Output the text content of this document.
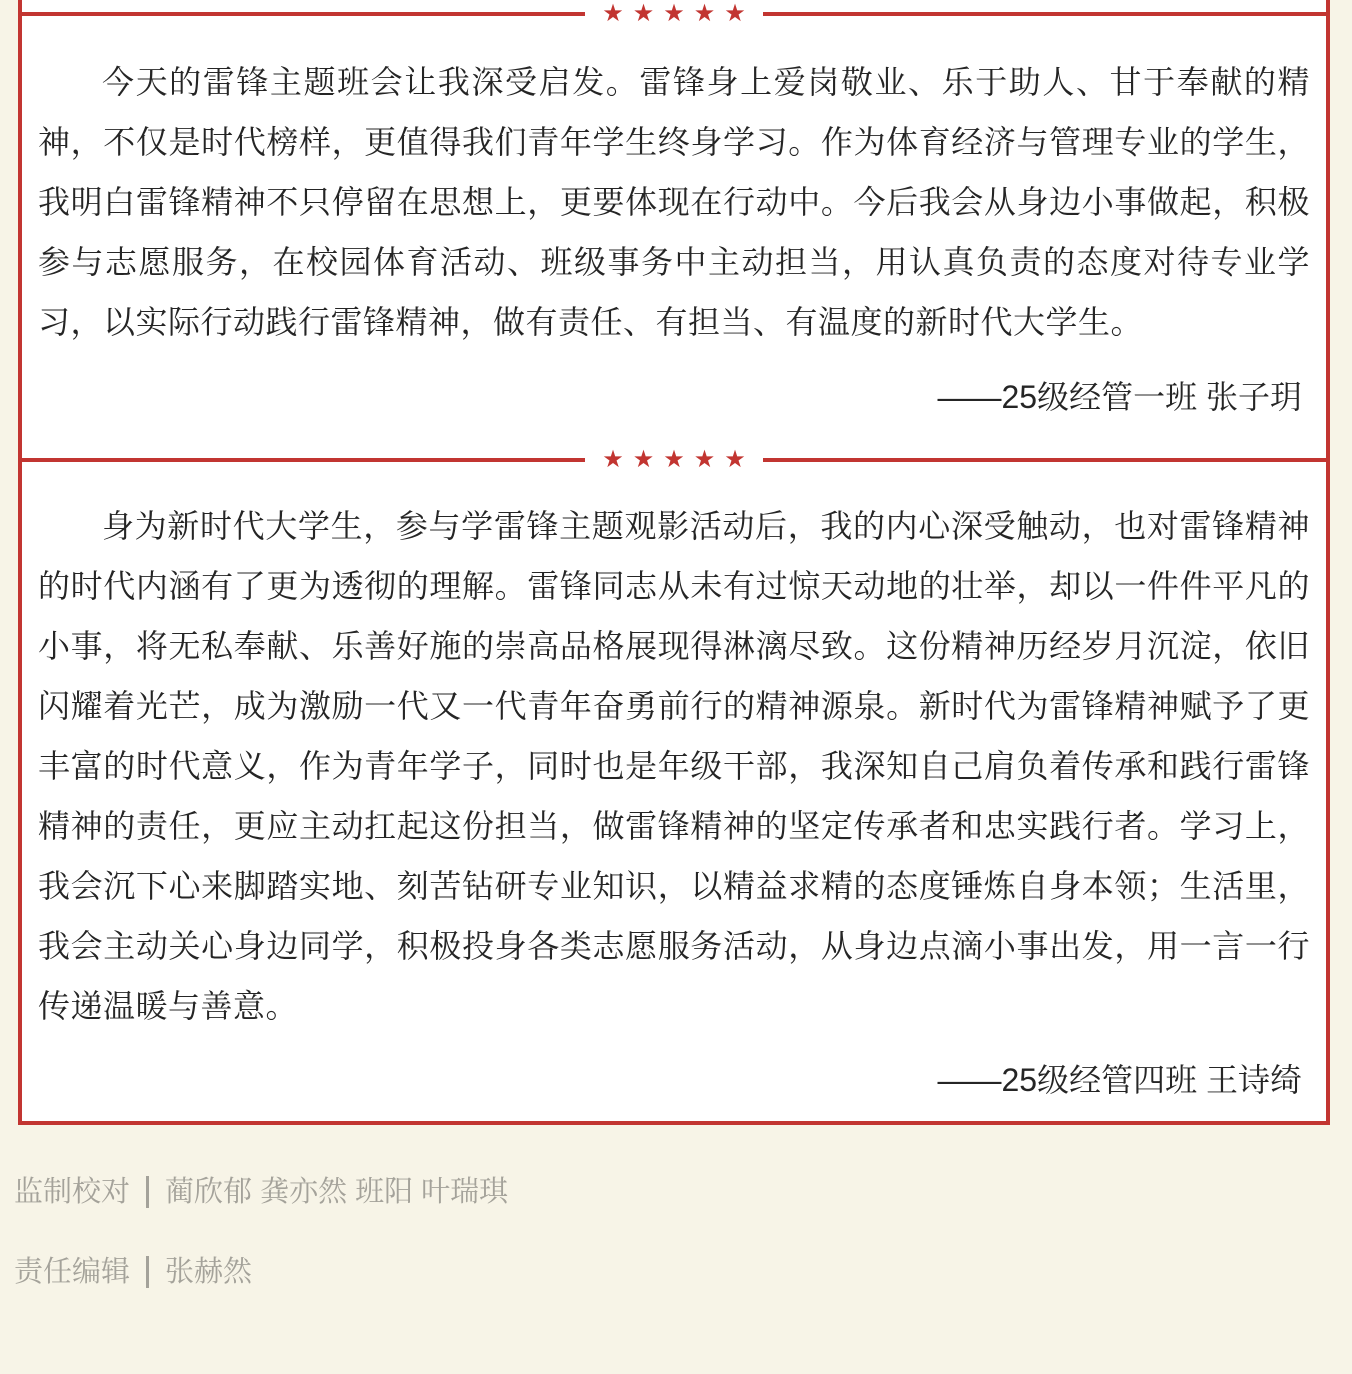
★★★★★

今天的雷锋主题班会让我深受启发。雷锋身上爱岗敬业、乐于助人、甘于奉献的精神，不仅是时代榜样，更值得我们青年学生终身学习。作为体育经济与管理专业的学生，我明白雷锋精神不只停留在思想上，更要体现在行动中。今后我会从身边小事做起，积极参与志愿服务，在校园体育活动、班级事务中主动担当，用认真负责的态度对待专业学习，以实际行动践行雷锋精神，做有责任、有担当、有温度的新时代大学生。

——25级经管一班 张子玥
★★★★★

身为新时代大学生，参与学雷锋主题观影活动后，我的内心深受触动，也对雷锋精神的时代内涵有了更为透彻的理解。雷锋同志从未有过惊天动地的壮举，却以一件件平凡的小事，将无私奉献、乐善好施的崇高品格展现得淋漓尽致。这份精神历经岁月沉淀，依旧闪耀着光芒，成为激励一代又一代青年奋勇前行的精神源泉。新时代为雷锋精神赋予了更丰富的时代意义，作为青年学子，同时也是年级干部，我深知自己肩负着传承和践行雷锋精神的责任，更应主动扛起这份担当，做雷锋精神的坚定传承者和忠实践行者。学习上，我会沉下心来脚踏实地、刻苦钻研专业知识，以精益求精的态度锤炼自身本领；生活里，我会主动关心身边同学，积极投身各类志愿服务活动，从身边点滴小事出发，用一言一行传递温暖与善意。

——25级经管四班 王诗绮
监制校对 蔺欣郁 龚亦然 班阳 叶瑞琪
责任编辑 张赫然
